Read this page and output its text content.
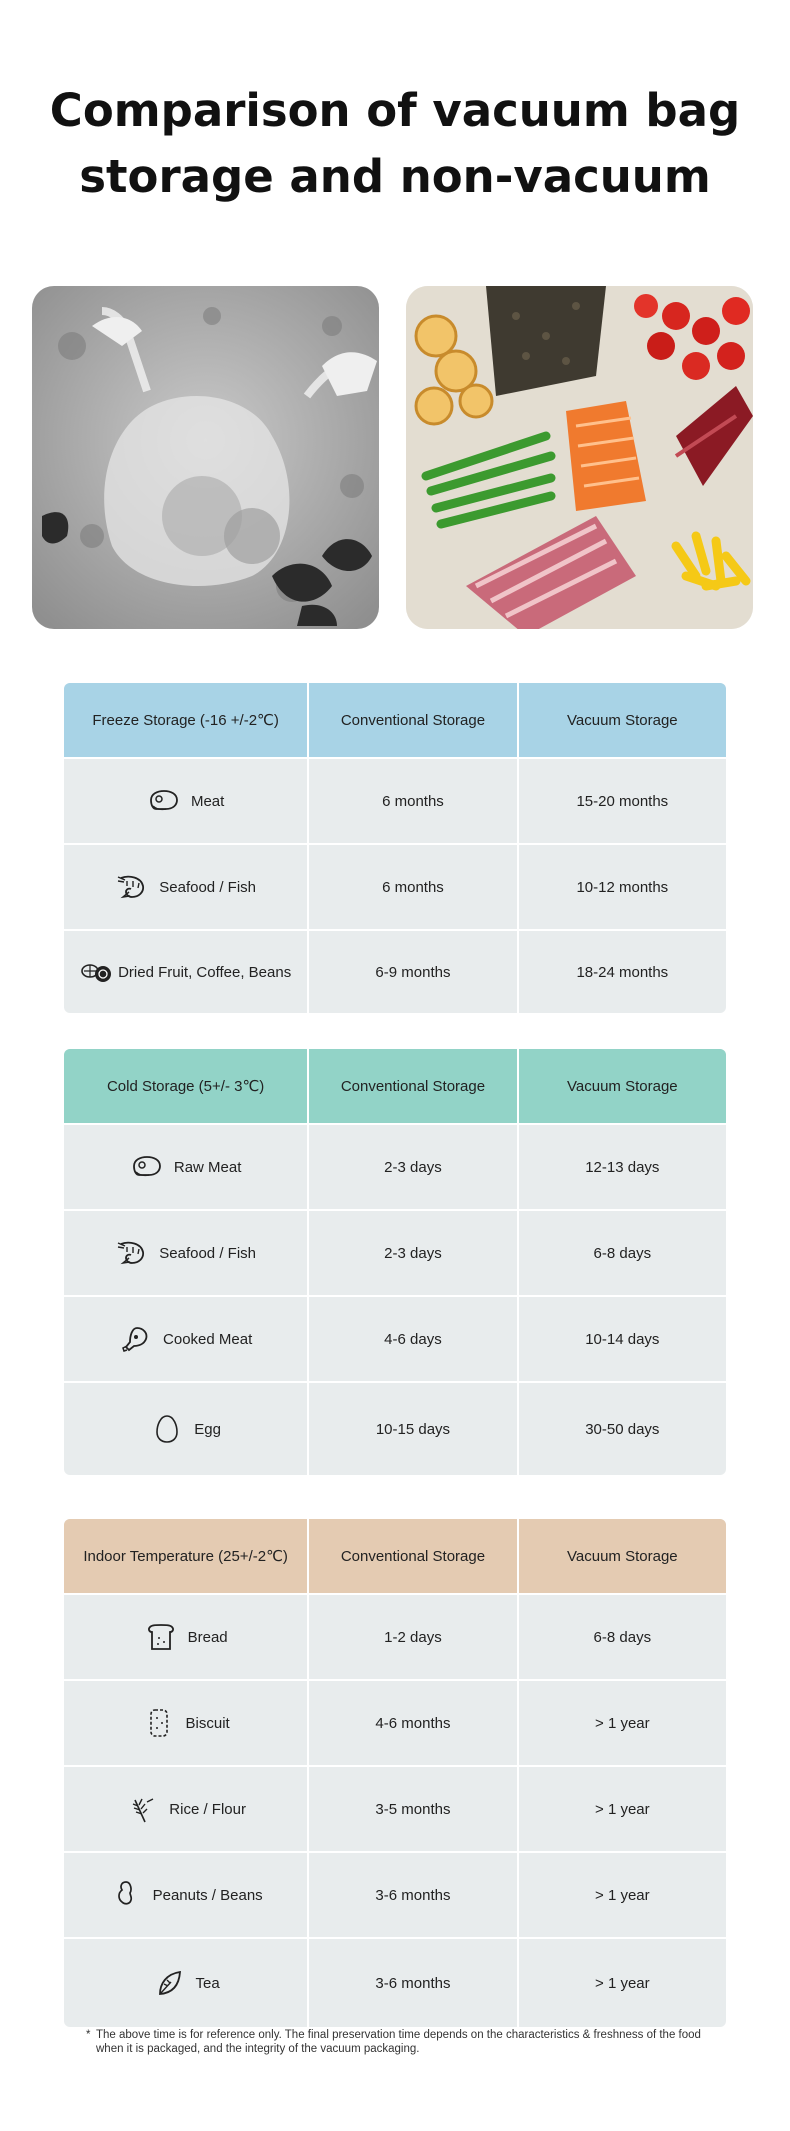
Comparison of vacuum bag
storage and non-vacuum
Freeze Storage (-16 +/-2℃)	Conventional Storage	Vacuum Storage
Meat	6 months	15-20 months
Seafood / Fish	6 months	10-12 months
Dried Fruit, Coffee, Beans	6-9 months	18-24 months
Cold Storage (5+/- 3℃)	Conventional Storage	Vacuum Storage
Raw Meat	2-3 days	12-13 days
Seafood / Fish	2-3 days	6-8 days
Cooked Meat	4-6 days	10-14 days
Egg	10-15 days	30-50 days
Indoor Temperature (25+/-2℃)	Conventional Storage	Vacuum Storage
Bread	1-2 days	6-8 days
Biscuit	4-6 months	> 1 year
Rice / Flour	3-5 months	> 1 year
Peanuts / Beans	3-6 months	> 1 year
Tea	3-6 months	> 1 year
* The above time is for reference only. The final preservation time depends on the characteristics & freshness of the food when it is packaged, and the integrity of the vacuum packaging.
